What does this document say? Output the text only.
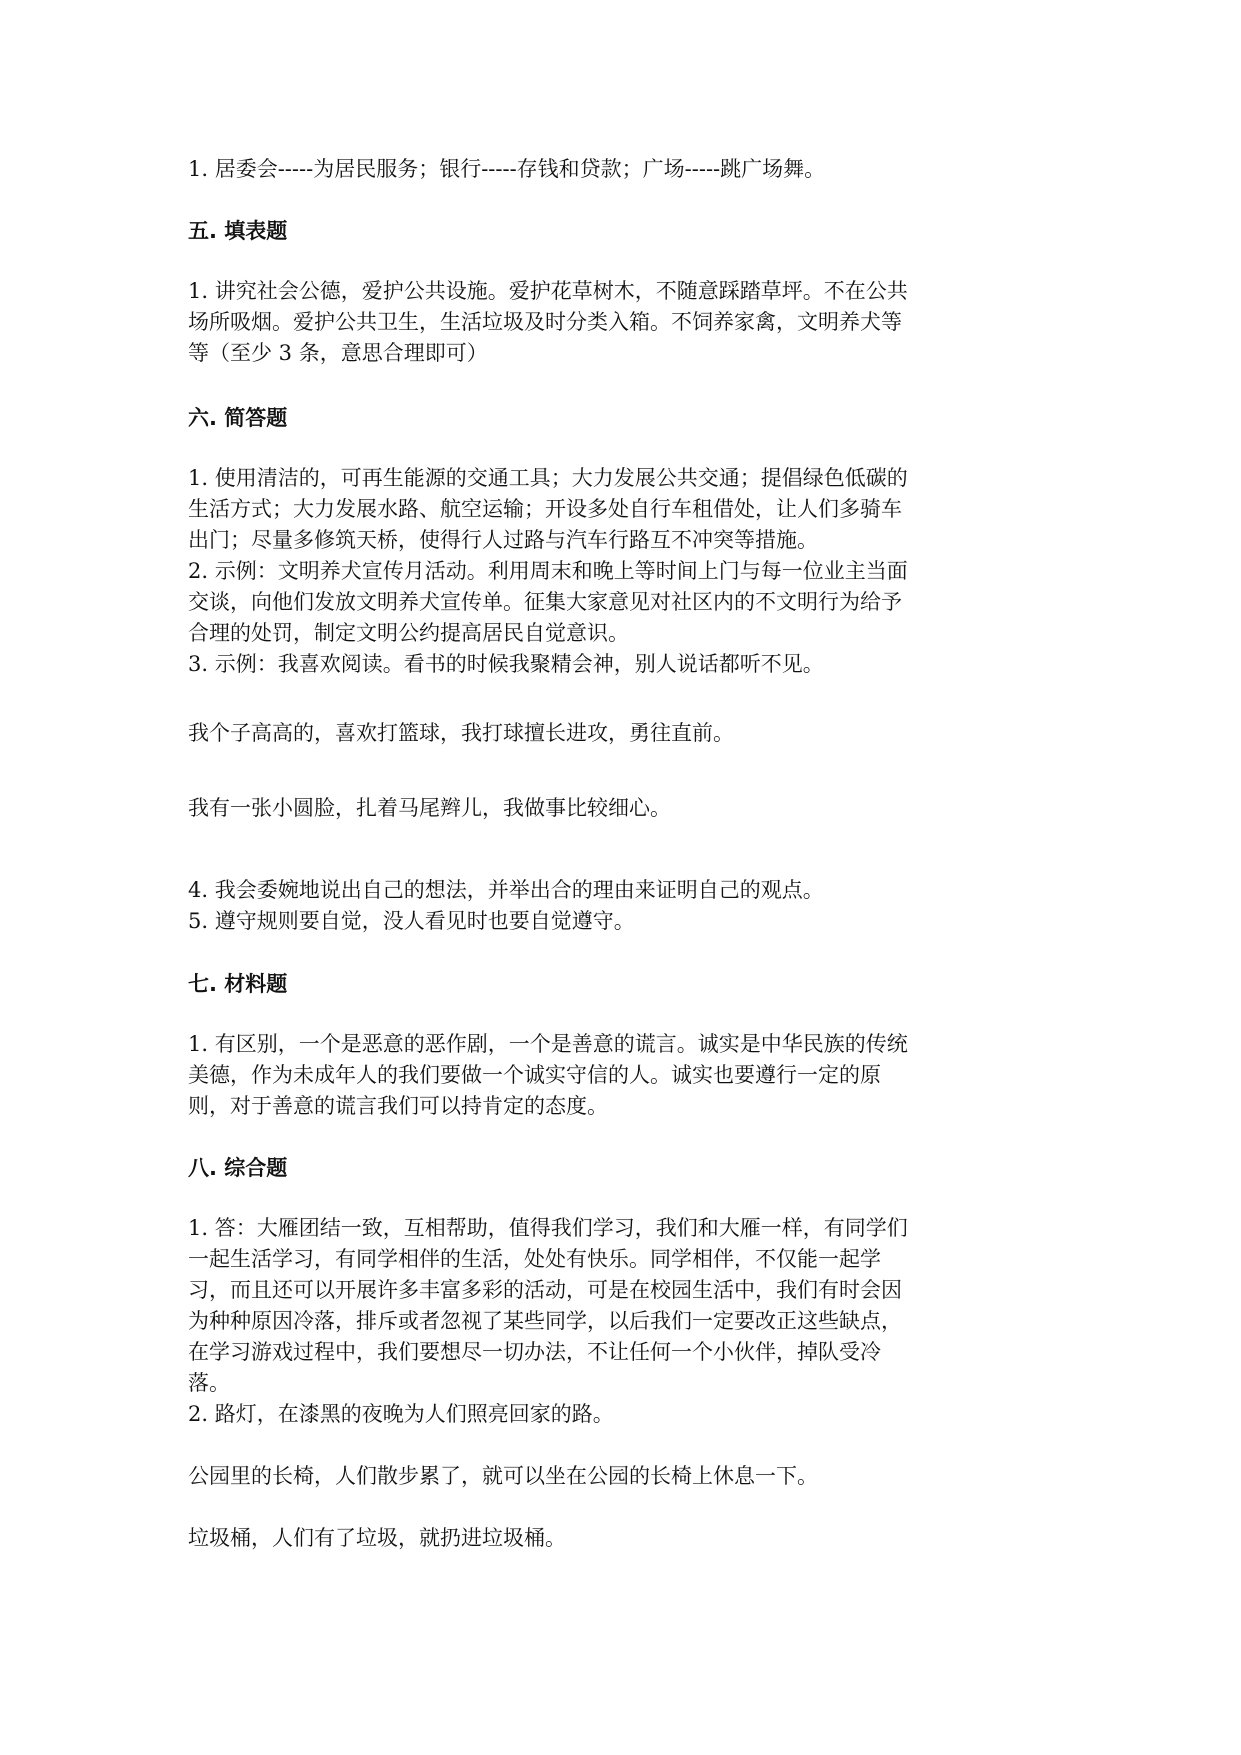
1. 居委会-----为居民服务；银行-----存钱和贷款；广场-----跳广场舞。
五. 填表题
1. 讲究社会公德，爱护公共设施。爱护花草树木，不随意踩踏草坪。不在公共
场所吸烟。爱护公共卫生，生活垃圾及时分类入箱。不饲养家禽，文明养犬等
等（至少 3 条，意思合理即可）
六. 简答题
1. 使用清洁的，可再生能源的交通工具；大力发展公共交通；提倡绿色低碳的
生活方式；大力发展水路、航空运输；开设多处自行车租借处，让人们多骑车
出门；尽量多修筑天桥，使得行人过路与汽车行路互不冲突等措施。
2. 示例：文明养犬宣传月活动。利用周末和晚上等时间上门与每一位业主当面
交谈，向他们发放文明养犬宣传单。征集大家意见对社区内的不文明行为给予
合理的处罚，制定文明公约提高居民自觉意识。
3. 示例：我喜欢阅读。看书的时候我聚精会神，别人说话都听不见。
我个子高高的，喜欢打篮球，我打球擅长进攻，勇往直前。
我有一张小圆脸，扎着马尾辫儿，我做事比较细心。
4. 我会委婉地说出自己的想法，并举出合的理由来证明自己的观点。
5. 遵守规则要自觉，没人看见时也要自觉遵守。
七. 材料题
1. 有区别，一个是恶意的恶作剧，一个是善意的谎言。诚实是中华民族的传统
美德，作为未成年人的我们要做一个诚实守信的人。诚实也要遵行一定的原
则，对于善意的谎言我们可以持肯定的态度。
八. 综合题
1. 答：大雁团结一致，互相帮助，值得我们学习，我们和大雁一样，有同学们
一起生活学习，有同学相伴的生活，处处有快乐。同学相伴，不仅能一起学
习，而且还可以开展许多丰富多彩的活动，可是在校园生活中，我们有时会因
为种种原因冷落，排斥或者忽视了某些同学，以后我们一定要改正这些缺点，
在学习游戏过程中，我们要想尽一切办法，不让任何一个小伙伴，掉队受冷
落。
2. 路灯，在漆黑的夜晚为人们照亮回家的路。
公园里的长椅，人们散步累了，就可以坐在公园的长椅上休息一下。
垃圾桶，人们有了垃圾，就扔进垃圾桶。
